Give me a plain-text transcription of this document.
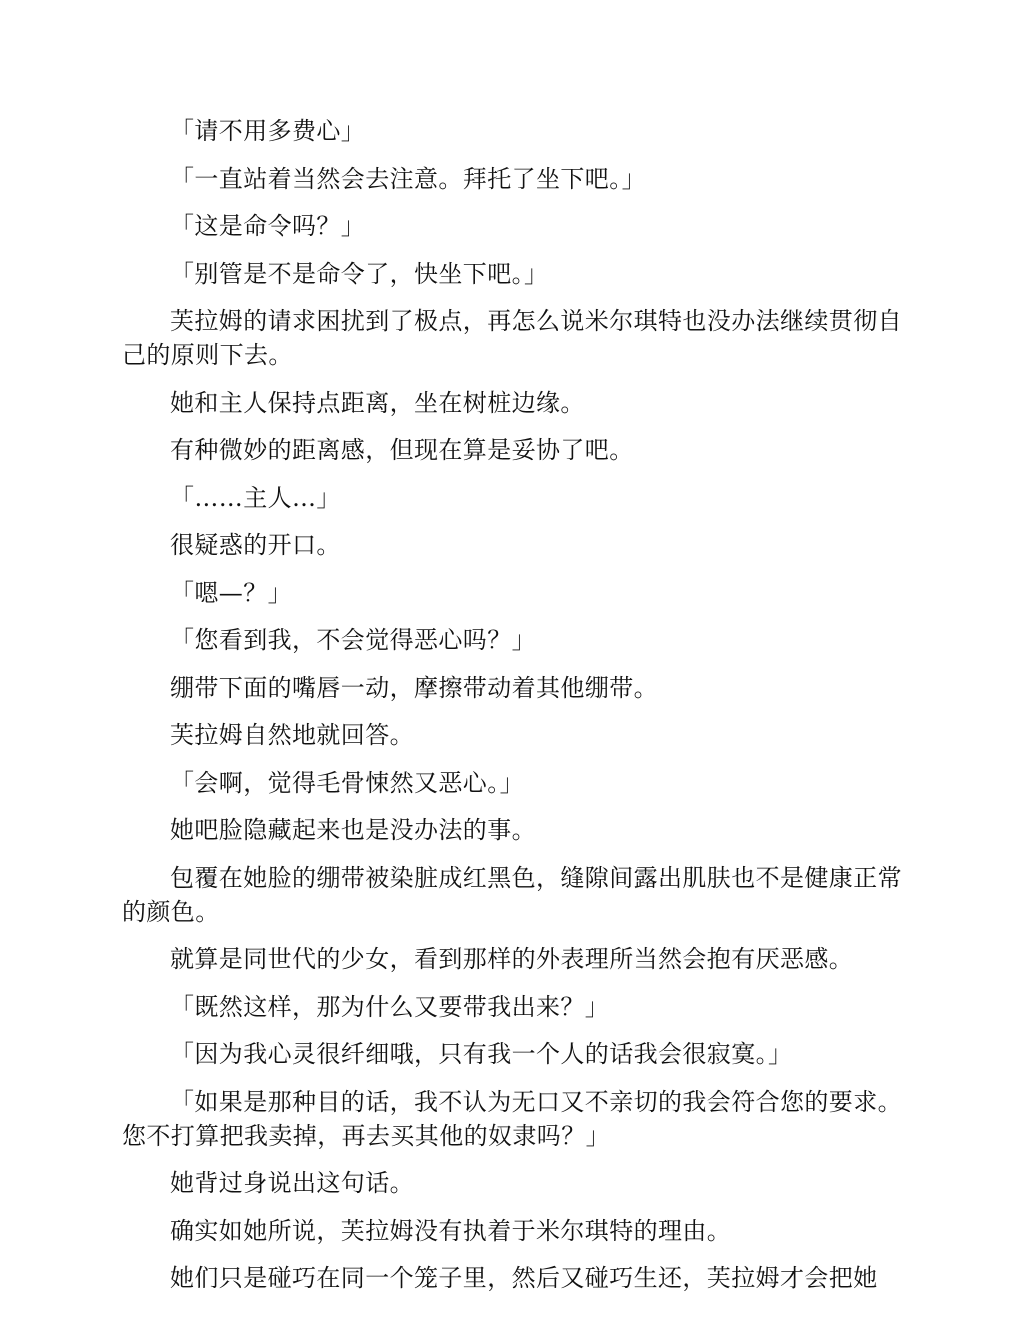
「请不用多费心」

「一直站着当然会去注意。拜托了坐下吧。」

「这是命令吗？」

「别管是不是命令了，快坐下吧。」

芙拉姆的请求困扰到了极点，再怎么说米尔琪特也没办法继续贯彻自己的原则下去。

她和主人保持点距离，坐在树桩边缘。

有种微妙的距离感，但现在算是妥协了吧。

「……主人…」

很疑惑的开口。

「嗯—？」

「您看到我，不会觉得恶心吗？」

绷带下面的嘴唇一动，摩擦带动着其他绷带。

芙拉姆自然地就回答。

「会啊，觉得毛骨悚然又恶心。」

她吧脸隐藏起来也是没办法的事。

包覆在她脸的绷带被染脏成红黑色，缝隙间露出肌肤也不是健康正常的颜色。

就算是同世代的少女，看到那样的外表理所当然会抱有厌恶感。

「既然这样，那为什么又要带我出来？」

「因为我心灵很纤细哦，只有我一个人的话我会很寂寞。」

「如果是那种目的话，我不认为无口又不亲切的我会符合您的要求。您不打算把我卖掉，再去买其他的奴隶吗？」

她背过身说出这句话。

确实如她所说，芙拉姆没有执着于米尔琪特的理由。

她们只是碰巧在同一个笼子里，然后又碰巧生还，芙拉姆才会把她
